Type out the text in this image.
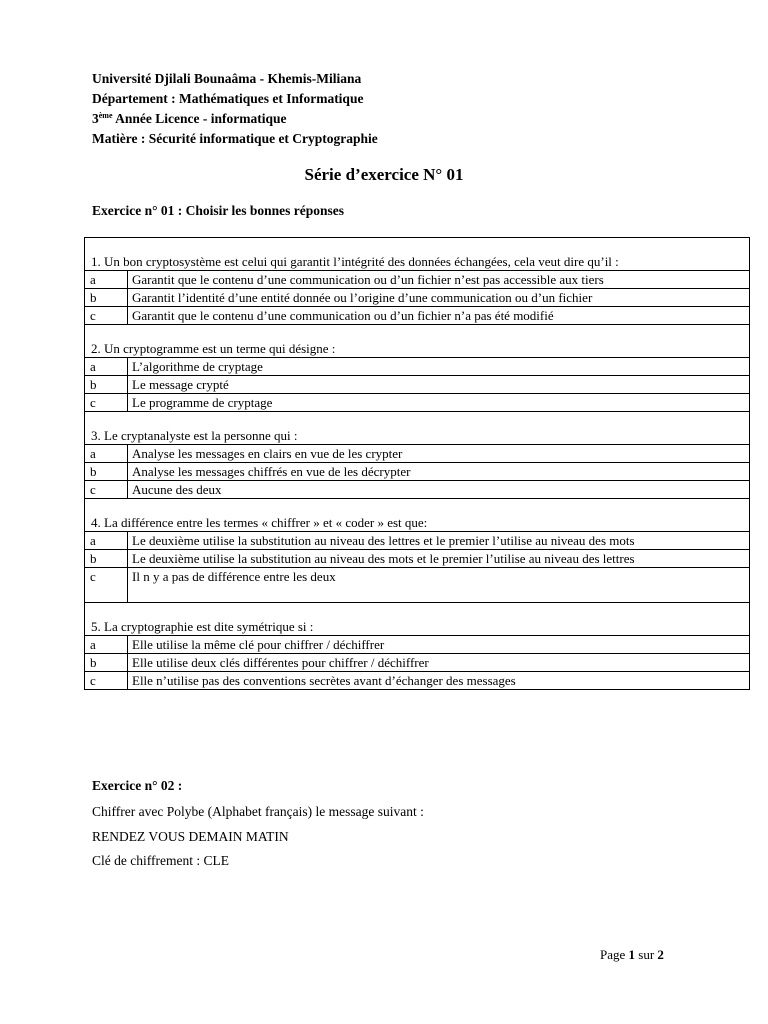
Université Djilali Bounaâma - Khemis-Miliana
Département : Mathématiques et Informatique
3ème Année Licence - informatique
Matière : Sécurité informatique et Cryptographie
Série d’exercice N° 01
Exercice n° 01 : Choisir les bonnes réponses
1. Un bon cryptosystème est celui qui garantit l’intégrité des données échangées, cela veut dire qu’il :	
a	Garantit que le contenu d’une communication ou d’un fichier n’est pas accessible aux tiers
b	Garantit l’identité d’une entité donnée ou l’origine d’une communication ou d’un fichier
c	Garantit que le contenu d’une communication ou d’un fichier n’a pas été modifié
2. Un cryptogramme est un terme qui désigne :	
a	L’algorithme de cryptage
b	Le message crypté
c	Le programme de cryptage
3. Le cryptanalyste est la personne qui :	
a	Analyse les messages en clairs en vue de les crypter
b	Analyse les messages chiffrés en vue de les décrypter
c	Aucune des deux
4. La différence entre les termes « chiffrer » et « coder » est que:	
a	Le deuxième utilise la substitution au niveau des lettres et le premier l’utilise au niveau des mots
b	Le deuxième utilise la substitution au niveau des mots et le premier l’utilise au niveau des lettres
c	Il n y a pas de différence entre les deux
5. La cryptographie est dite symétrique si :	
a	Elle utilise la même clé pour chiffrer / déchiffrer
b	Elle utilise deux clés différentes pour chiffrer / déchiffrer
c	Elle n’utilise pas des conventions secrètes avant d’échanger des messages
Exercice n° 02 :
Chiffrer avec Polybe (Alphabet français) le message suivant :
RENDEZ VOUS DEMAIN MATIN
Clé de chiffrement : CLE
Page 1 sur 2
